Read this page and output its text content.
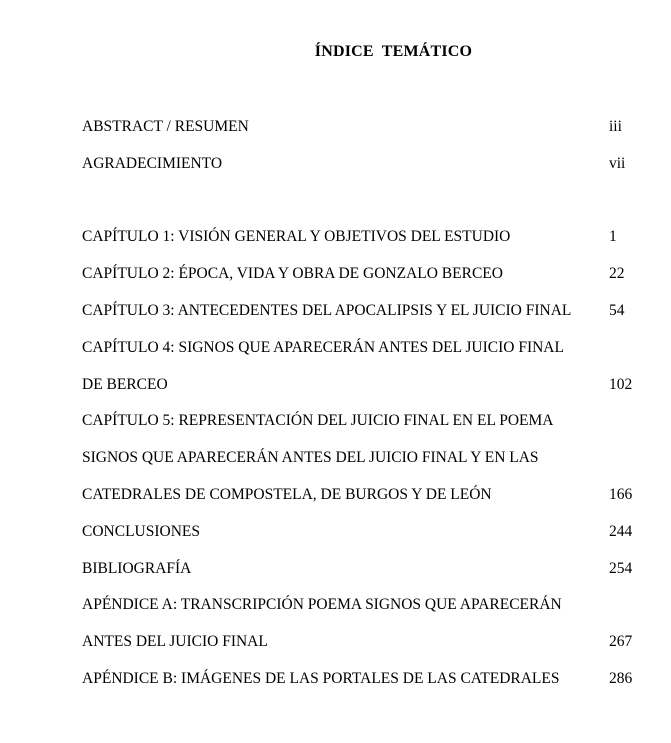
ÍNDICE TEMÁTICO
ABSTRACT / RESUMEN	iii
AGRADECIMIENTO	vii
CAPÍTULO 1: VISIÓN GENERAL Y OBJETIVOS DEL ESTUDIO	1
CAPÍTULO 2: ÉPOCA, VIDA Y OBRA DE GONZALO BERCEO	22
CAPÍTULO 3: ANTECEDENTES DEL APOCALIPSIS Y EL JUICIO FINAL 54
CAPÍTULO 4: SIGNOS QUE APARECERÁN ANTES DEL JUICIO FINAL
DE BERCEO	102
CAPÍTULO 5: REPRESENTACIÓN DEL JUICIO FINAL EN EL POEMA
SIGNOS QUE APARECERÁN ANTES DEL JUICIO FINAL Y EN LAS
CATEDRALES DE COMPOSTELA, DE BURGOS Y DE LEÓN	166
CONCLUSIONES	244
BIBLIOGRAFÍA	254
APÉNDICE A: TRANSCRIPCIÓN POEMA SIGNOS QUE APARECERÁN
ANTES DEL JUICIO FINAL	267
APÉNDICE B: IMÁGENES DE LAS PORTALES DE LAS CATEDRALES	286
